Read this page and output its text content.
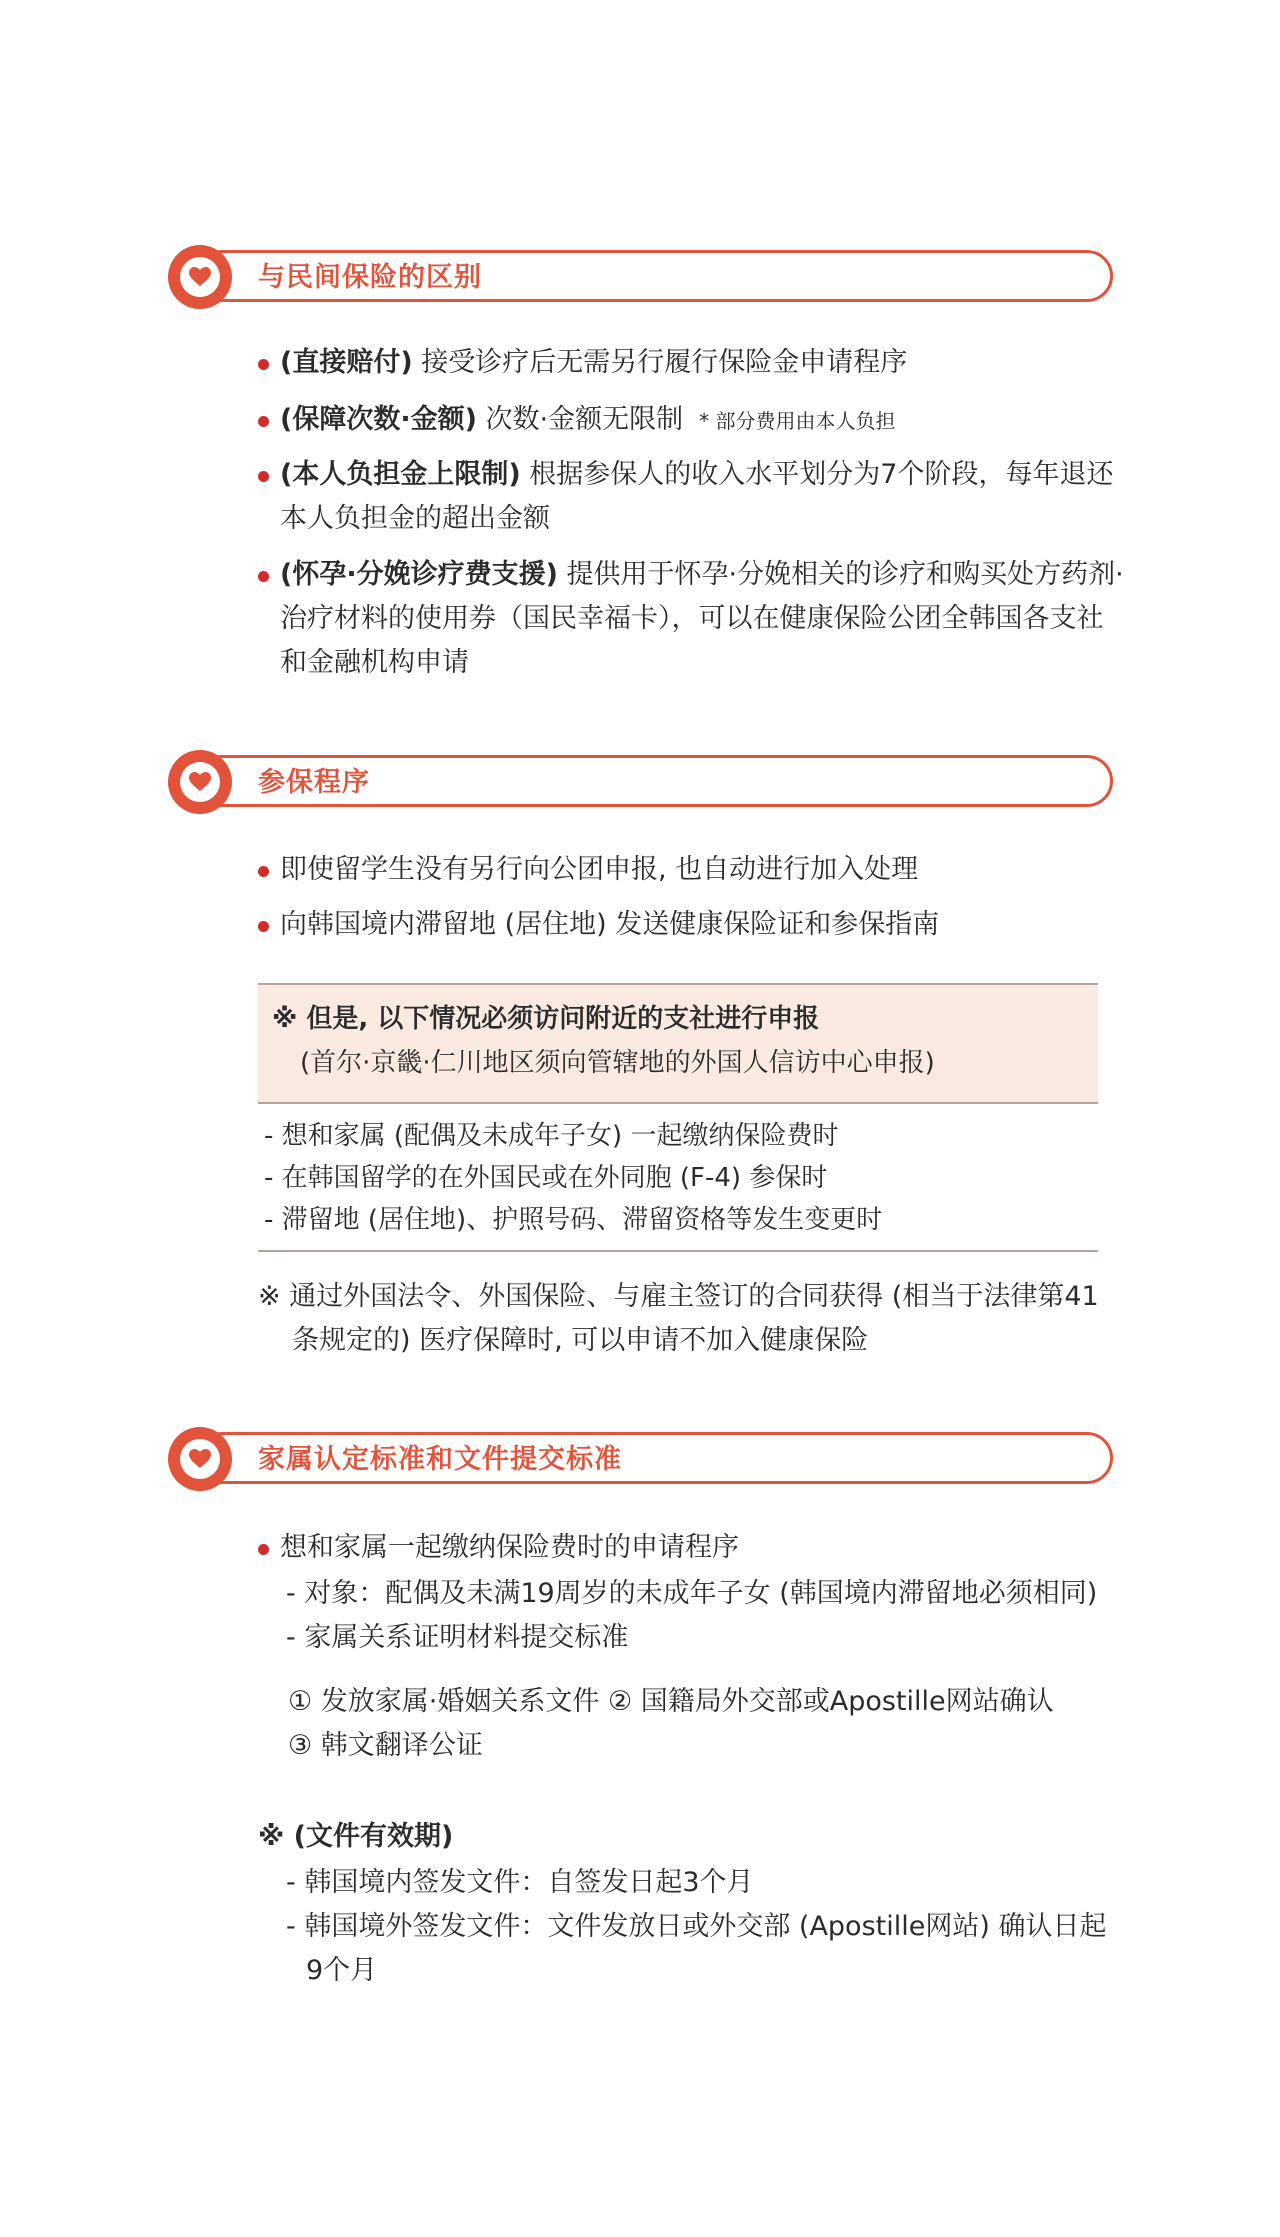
与民间保险的区别
(直接赔付) 接受诊疗后无需另行履行保险金申请程序
(保障次数·金额) 次数·金额无限制 * 部分费用由本人负担
(本人负担金上限制) 根据参保人的收入水平划分为7个阶段，每年退还
本人负担金的超出金额
(怀孕·分娩诊疗费支援) 提供用于怀孕·分娩相关的诊疗和购买处方药剂·
治疗材料的使用券（国民幸福卡），可以在健康保险公团全韩国各支社
和金融机构申请
参保程序
即使留学生没有另行向公团申报, 也自动进行加入处理
向韩国境内滞留地 (居住地) 发送健康保险证和参保指南
※ 但是, 以下情况必须访问附近的支社进行申报
(首尔·京畿·仁川地区须向管辖地的外国人信访中心申报)
- 想和家属 (配偶及未成年子女) 一起缴纳保险费时
- 在韩国留学的在外国民或在外同胞 (F-4) 参保时
- 滞留地 (居住地)、护照号码、滞留资格等发生变更时
※ 通过外国法令、外国保险、与雇主签订的合同获得 (相当于法律第41
条规定的) 医疗保障时, 可以申请不加入健康保险
家属认定标准和文件提交标准
想和家属一起缴纳保险费时的申请程序
- 对象：配偶及未满19周岁的未成年子女 (韩国境内滞留地必须相同)
- 家属关系证明材料提交标准
① 发放家属·婚姻关系文件 ② 国籍局外交部或Apostille网站确认
③ 韩文翻译公证
※ (文件有效期)
- 韩国境内签发文件：自签发日起3个月
- 韩国境外签发文件：文件发放日或外交部 (Apostille网站) 确认日起
9个月
